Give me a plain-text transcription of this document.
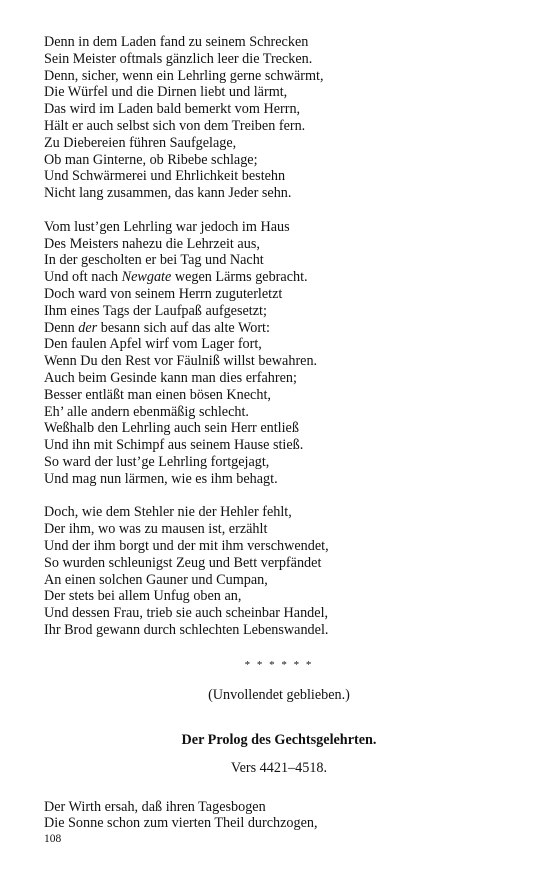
Denn in dem Laden fand zu seinem Schrecken
Sein Meister oftmals gänzlich leer die Trecken.
Denn, sicher, wenn ein Lehrling gerne schwärmt,
Die Würfel und die Dirnen liebt und lärmt,
Das wird im Laden bald bemerkt vom Herrn,
Hält er auch selbst sich von dem Treiben fern.
Zu Diebereien führen Saufgelage,
Ob man Ginterne, ob Ribebe schlage;
Und Schwärmerei und Ehrlichkeit bestehn
Nicht lang zusammen, das kann Jeder sehn.
Vom lust’gen Lehrling war jedoch im Haus
Des Meisters nahezu die Lehrzeit aus,
In der gescholten er bei Tag und Nacht
Und oft nach Newgate wegen Lärms gebracht.
Doch ward von seinem Herrn zuguterletzt
Ihm eines Tags der Laufpaß aufgesetzt;
Denn der besann sich auf das alte Wort:
Den faulen Apfel wirf vom Lager fort,
Wenn Du den Rest vor Fäulniß willst bewahren.
Auch beim Gesinde kann man dies erfahren;
Besser entläßt man einen bösen Knecht,
Eh’ alle andern ebenmäßig schlecht.
Weßhalb den Lehrling auch sein Herr entließ
Und ihn mit Schimpf aus seinem Hause stieß.
So ward der lust’ge Lehrling fortgejagt,
Und mag nun lärmen, wie es ihm behagt.
Doch, wie dem Stehler nie der Hehler fehlt,
Der ihm, wo was zu mausen ist, erzählt
Und der ihm borgt und der mit ihm verschwendet,
So wurden schleunigst Zeug und Bett verpfändet
An einen solchen Gauner und Cumpan,
Der stets bei allem Unfug oben an,
Und dessen Frau, trieb sie auch scheinbar Handel,
Ihr Brod gewann durch schlechten Lebenswandel.
* * * * * *
(Unvollendet geblieben.)
Der Prolog des Gechtsgelehrten.
Vers 4421–4518.
Der Wirth ersah, daß ihren Tagesbogen
Die Sonne schon zum vierten Theil durchzogen,
108
